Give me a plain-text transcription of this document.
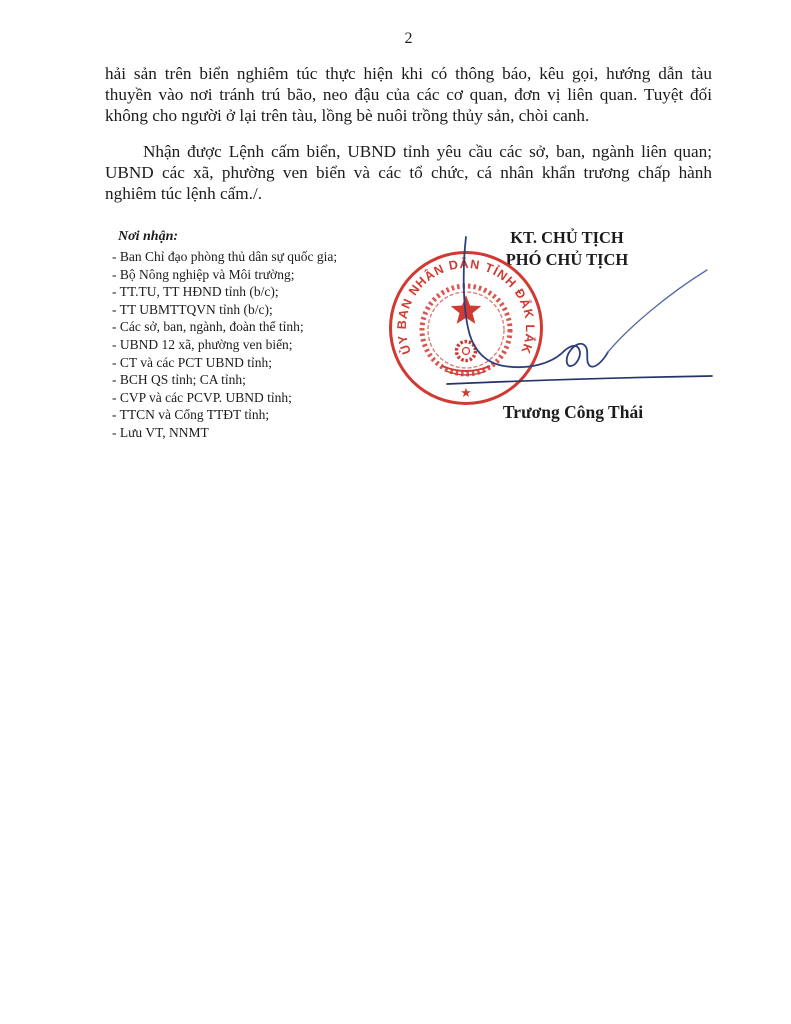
2
hải sản trên biển nghiêm túc thực hiện khi có thông báo, kêu gọi, hướng dẫn tàu
thuyền vào nơi tránh trú bão, neo đậu của các cơ quan, đơn vị liên quan. Tuyệt đối
không cho người ở lại trên tàu, lồng bè nuôi trồng thủy sản, chòi canh.
Nhận được Lệnh cấm biển, UBND tỉnh yêu cầu các sở, ban, ngành liên quan;
UBND các xã, phường ven biển và các tổ chức, cá nhân khẩn trương chấp hành
nghiêm túc lệnh cấm./.

Nơi nhận:

- Ban Chỉ đạo phòng thủ dân sự quốc gia;
- Bộ Nông nghiệp và Môi trường;
- TT.TU, TT HĐND tỉnh (b/c);
- TT UBMTTQVN tỉnh (b/c);
- Các sở, ban, ngành, đoàn thể tỉnh;
- UBND 12 xã, phường ven biển;
- CT và các PCT UBND tỉnh;
- BCH QS tỉnh; CA tỉnh;
- CVP và các PCVP. UBND tỉnh;
- TTCN và Cổng TTĐT tỉnh;
- Lưu VT, NNMT
KT. CHỦ TỊCH
PHÓ CHỦ TỊCH
ỦY BAN NHÂN DÂN TỈNH ĐẮK LẮK
★
Trương Công Thái
